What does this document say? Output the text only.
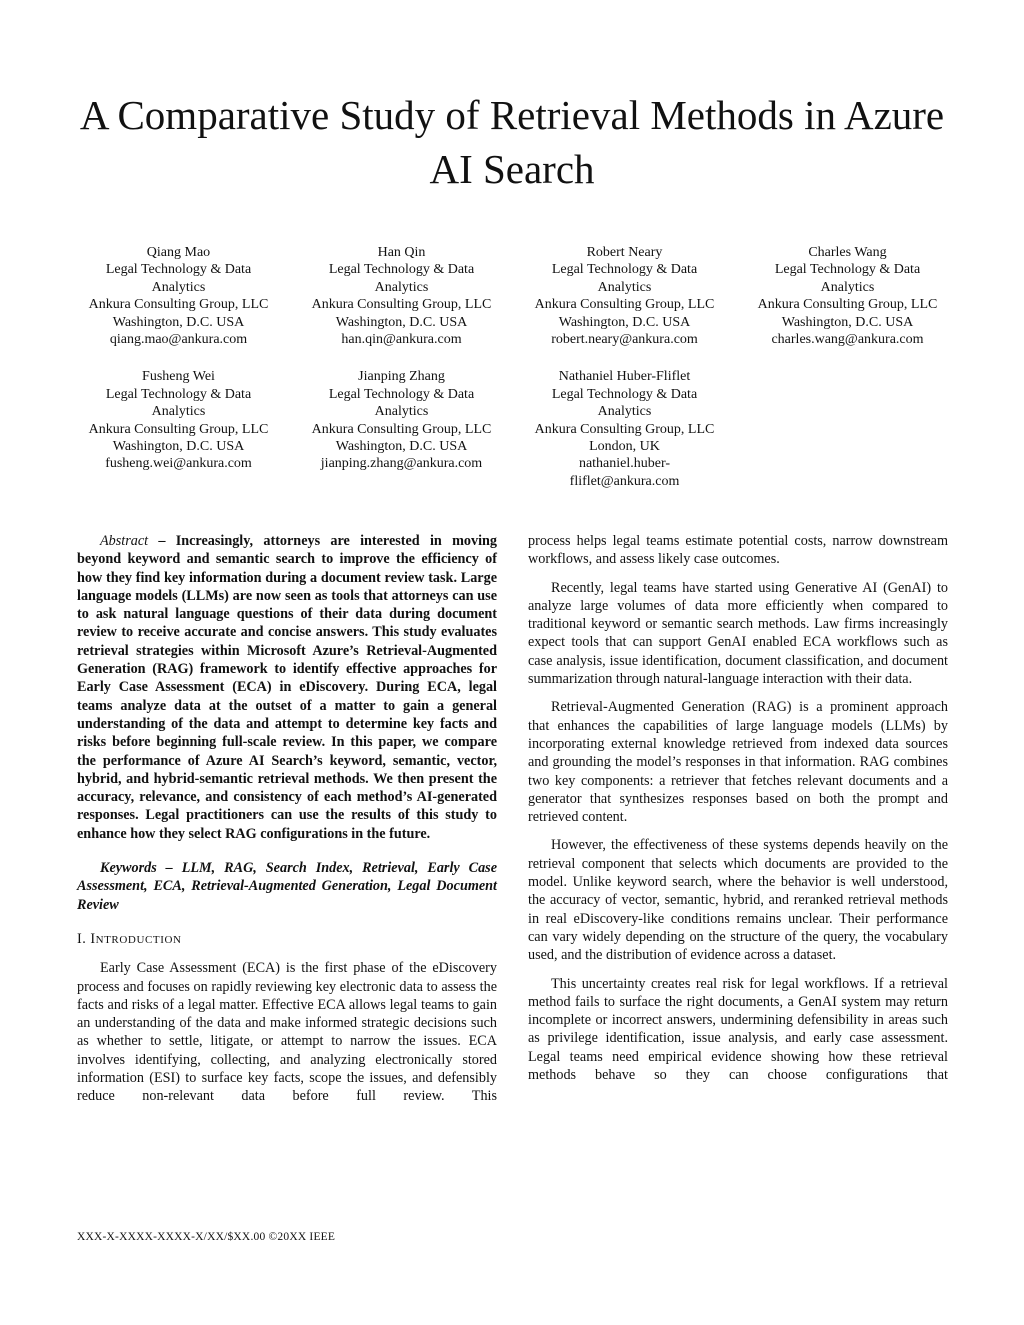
A Comparative Study of Retrieval Methods in Azure AI Search
Qiang Mao
Legal Technology & Data
Analytics
Ankura Consulting Group, LLC
Washington, D.C. USA
qiang.mao@ankura.com
Han Qin
Legal Technology & Data
Analytics
Ankura Consulting Group, LLC
Washington, D.C. USA
han.qin@ankura.com
Robert Neary
Legal Technology & Data
Analytics
Ankura Consulting Group, LLC
Washington, D.C. USA
robert.neary@ankura.com
Charles Wang
Legal Technology & Data
Analytics
Ankura Consulting Group, LLC
Washington, D.C. USA
charles.wang@ankura.com
Fusheng Wei
Legal Technology & Data
Analytics
Ankura Consulting Group, LLC
Washington, D.C. USA
fusheng.wei@ankura.com
Jianping Zhang
Legal Technology & Data
Analytics
Ankura Consulting Group, LLC
Washington, D.C. USA
jianping.zhang@ankura.com
Nathaniel Huber-Fliflet
Legal Technology & Data
Analytics
Ankura Consulting Group, LLC
London, UK
nathaniel.huber-
fliflet@ankura.com

Abstract – Increasingly, attorneys are interested in moving beyond keyword and semantic search to improve the efficiency of how they find key information during a document review task. Large language models (LLMs) are now seen as tools that attorneys can use to ask natural language questions of their data during document review to receive accurate and concise answers. This study evaluates retrieval strategies within Microsoft Azure’s Retrieval-Augmented Generation (RAG) framework to identify effective approaches for Early Case Assessment (ECA) in eDiscovery. During ECA, legal teams analyze data at the outset of a matter to gain a general understanding of the data and attempt to determine key facts and risks before beginning full-scale review. In this paper, we compare the performance of Azure AI Search’s keyword, semantic, vector, hybrid, and hybrid-semantic retrieval methods. We then present the accuracy, relevance, and consistency of each method’s AI-generated responses. Legal practitioners can use the results of this study to enhance how they select RAG configurations in the future.

Keywords – LLM, RAG, Search Index, Retrieval, Early Case Assessment, ECA, Retrieval-Augmented Generation, Legal Document Review

I. INTRODUCTION

Early Case Assessment (ECA) is the first phase of the eDiscovery process and focuses on rapidly reviewing key electronic data to assess the facts and risks of a legal matter. Effective ECA allows legal teams to gain an understanding of the data and make informed strategic decisions such as whether to settle, litigate, or attempt to narrow the issues. ECA involves identifying, collecting, and analyzing electronically stored information (ESI) to surface key facts, scope the issues, and defensibly reduce non-relevant data before full review. This

process helps legal teams estimate potential costs, narrow downstream workflows, and assess likely case outcomes.

Recently, legal teams have started using Generative AI (GenAI) to analyze large volumes of data more efficiently when compared to traditional keyword or semantic search methods. Law firms increasingly expect tools that can support GenAI enabled ECA workflows such as case analysis, issue identification, document classification, and document summarization through natural-language interaction with their data.

Retrieval-Augmented Generation (RAG) is a prominent approach that enhances the capabilities of large language models (LLMs) by incorporating external knowledge retrieved from indexed data sources and grounding the model’s responses in that information. RAG combines two key components: a retriever that fetches relevant documents and a generator that synthesizes responses based on both the prompt and retrieved content.

However, the effectiveness of these systems depends heavily on the retrieval component that selects which documents are provided to the model. Unlike keyword search, where the behavior is well understood, the accuracy of vector, semantic, hybrid, and reranked retrieval methods in real eDiscovery-like conditions remains unclear. Their performance can vary widely depending on the structure of the query, the vocabulary used, and the distribution of evidence across a dataset.

This uncertainty creates real risk for legal workflows. If a retrieval method fails to surface the right documents, a GenAI system may return incomplete or incorrect answers, undermining defensibility in areas such as privilege identification, issue analysis, and early case assessment. Legal teams need empirical evidence showing how these retrieval methods behave so they can choose configurations that

XXX-X-XXXX-XXXX-X/XX/$XX.00 ©20XX IEEE
